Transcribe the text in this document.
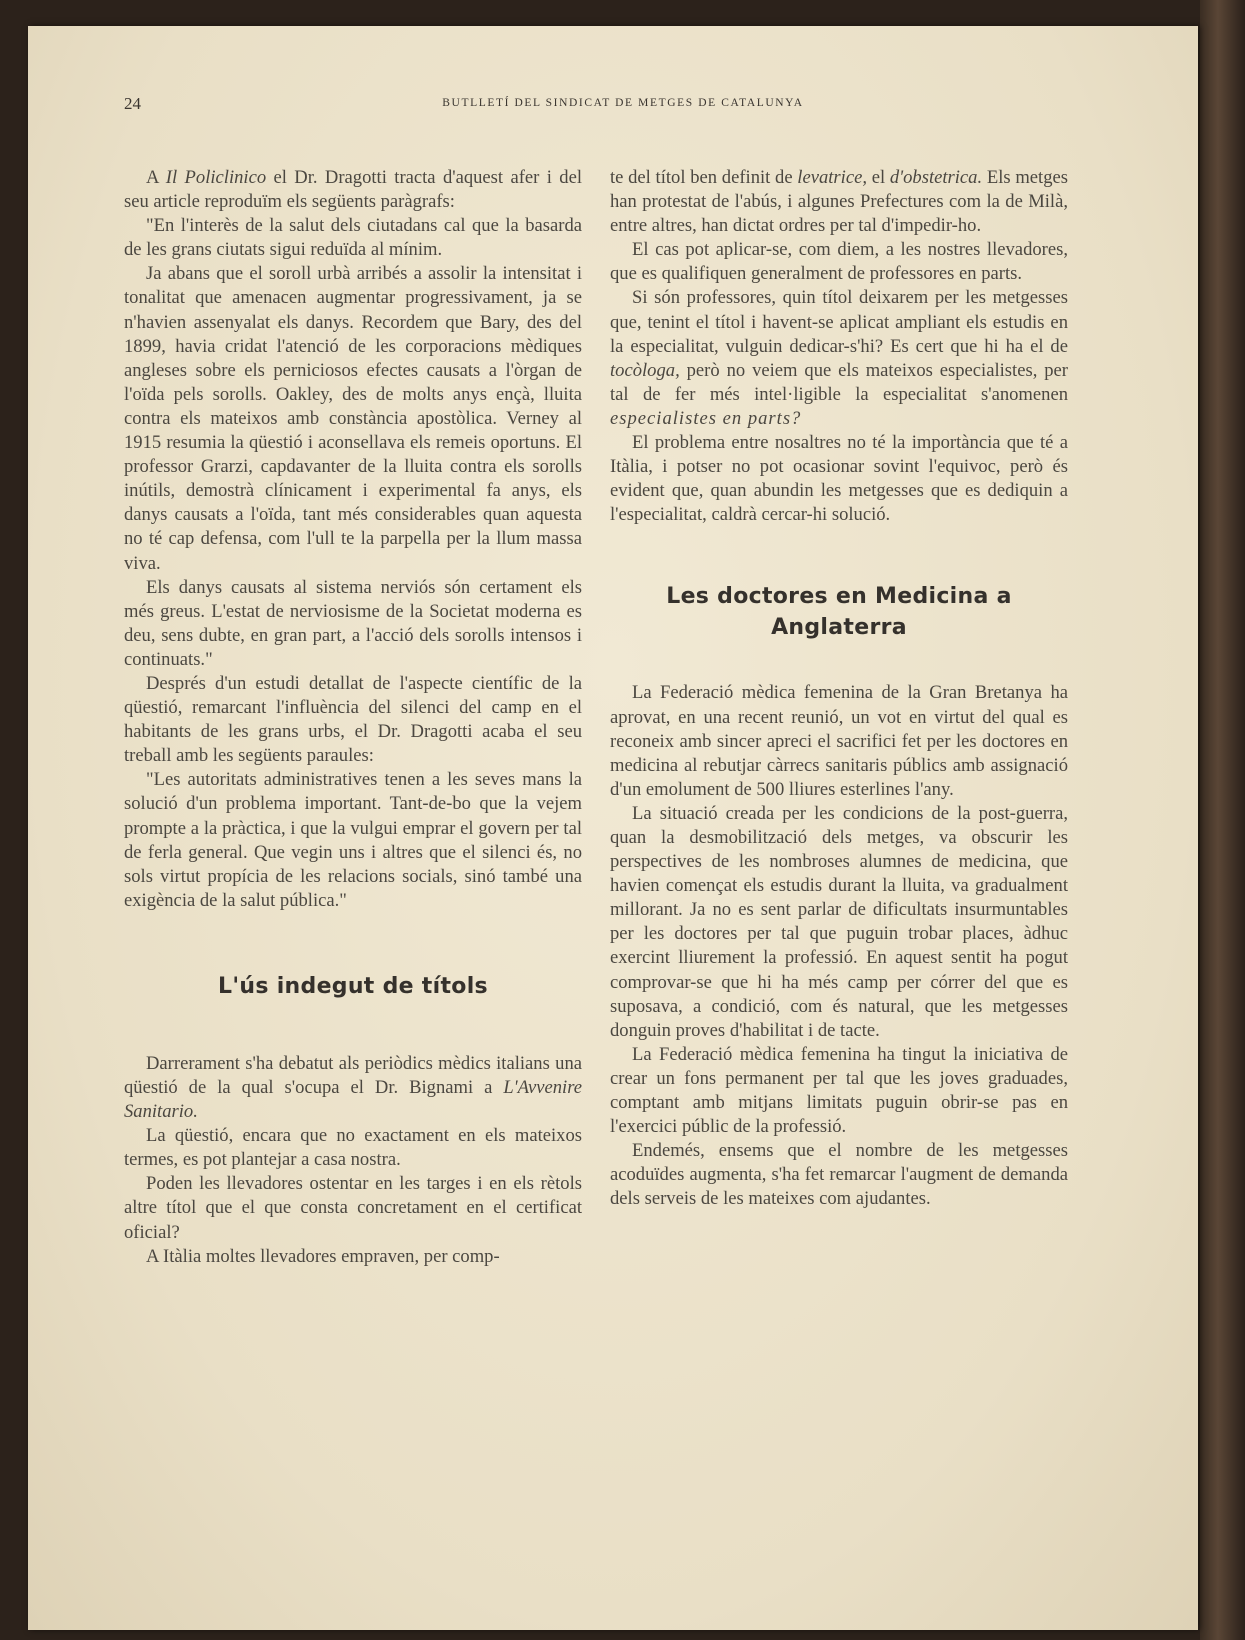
24	BUTLLETÍ DEL SINDICAT DE METGES DE CATALUNYA

A Il Policlinico el Dr. Dragotti tracta d'aquest afer i del seu article reproduïm els següents paràgrafs:

"En l'interès de la salut dels ciutadans cal que la basarda de les grans ciutats sigui reduïda al mínim.

Ja abans que el soroll urbà arribés a assolir la intensitat i tonalitat que amenacen augmentar progressivament, ja se n'havien assenyalat els danys. Recordem que Bary, des del 1899, havia cridat l'atenció de les corporacions mèdiques angleses sobre els perniciosos efectes causats a l'òrgan de l'oïda pels sorolls. Oakley, des de molts anys ençà, lluita contra els mateixos amb constància apostòlica. Verney al 1915 resumia la qüestió i aconsellava els remeis oportuns. El professor Grarzi, capdavanter de la lluita contra els sorolls inútils, demostrà clínicament i experimental fa anys, els danys causats a l'oïda, tant més considerables quan aquesta no té cap defensa, com l'ull te la parpella per la llum massa viva.

Els danys causats al sistema nerviós són certament els més greus. L'estat de nerviosisme de la Societat moderna es deu, sens dubte, en gran part, a l'acció dels sorolls intensos i continuats."

Després d'un estudi detallat de l'aspecte científic de la qüestió, remarcant l'influència del silenci del camp en el habitants de les grans urbs, el Dr. Dragotti acaba el seu treball amb les següents paraules:

"Les autoritats administratives tenen a les seves mans la solució d'un problema important. Tant-de-bo que la vejem prompte a la pràctica, i que la vulgui emprar el govern per tal de ferla general. Que vegin uns i altres que el silenci és, no sols virtut propícia de les relacions socials, sinó també una exigència de la salut pública."

L'ús indegut de títols

Darrerament s'ha debatut als periòdics mèdics italians una qüestió de la qual s'ocupa el Dr. Bignami a L'Avvenire Sanitario.

La qüestió, encara que no exactament en els mateixos termes, es pot plantejar a casa nostra.

Poden les llevadores ostentar en les targes i en els rètols altre títol que el que consta concretament en el certificat oficial?

A Itàlia moltes llevadores empraven, per comp-

te del títol ben definit de levatrice, el d'obstetrica. Els metges han protestat de l'abús, i algunes Prefectures com la de Milà, entre altres, han dictat ordres per tal d'impedir-ho.

El cas pot aplicar-se, com diem, a les nostres llevadores, que es qualifiquen generalment de professores en parts.

Si són professores, quin títol deixarem per les metgesses que, tenint el títol i havent-se aplicat ampliant els estudis en la especialitat, vulguin dedicar-s'hi? Es cert que hi ha el de tocòloga, però no veiem que els mateixos especialistes, per tal de fer més intel·ligible la especialitat s'anomenen especialistes en parts?

El problema entre nosaltres no té la importància que té a Itàlia, i potser no pot ocasionar sovint l'equivoc, però és evident que, quan abundin les metgesses que es dediquin a l'especialitat, caldrà cercar-hi solució.

Les doctores en Medicina a Anglaterra

La Federació mèdica femenina de la Gran Bretanya ha aprovat, en una recent reunió, un vot en virtut del qual es reconeix amb sincer apreci el sacrifici fet per les doctores en medicina al rebutjar càrrecs sanitaris públics amb assignació d'un emolument de 500 lliures esterlines l'any.

La situació creada per les condicions de la post-guerra, quan la desmobilització dels metges, va obscurir les perspectives de les nombroses alumnes de medicina, que havien començat els estudis durant la lluita, va gradualment millorant. Ja no es sent parlar de dificultats insurmuntables per les doctores per tal que puguin trobar places, àdhuc exercint lliurement la professió. En aquest sentit ha pogut comprovar-se que hi ha més camp per córrer del que es suposava, a condició, com és natural, que les metgesses donguin proves d'habilitat i de tacte.

La Federació mèdica femenina ha tingut la iniciativa de crear un fons permanent per tal que les joves graduades, comptant amb mitjans limitats puguin obrir-se pas en l'exercici públic de la professió.

Endemés, ensems que el nombre de les metgesses acoduïdes augmenta, s'ha fet remarcar l'augment de demanda dels serveis de les mateixes com ajudantes.
